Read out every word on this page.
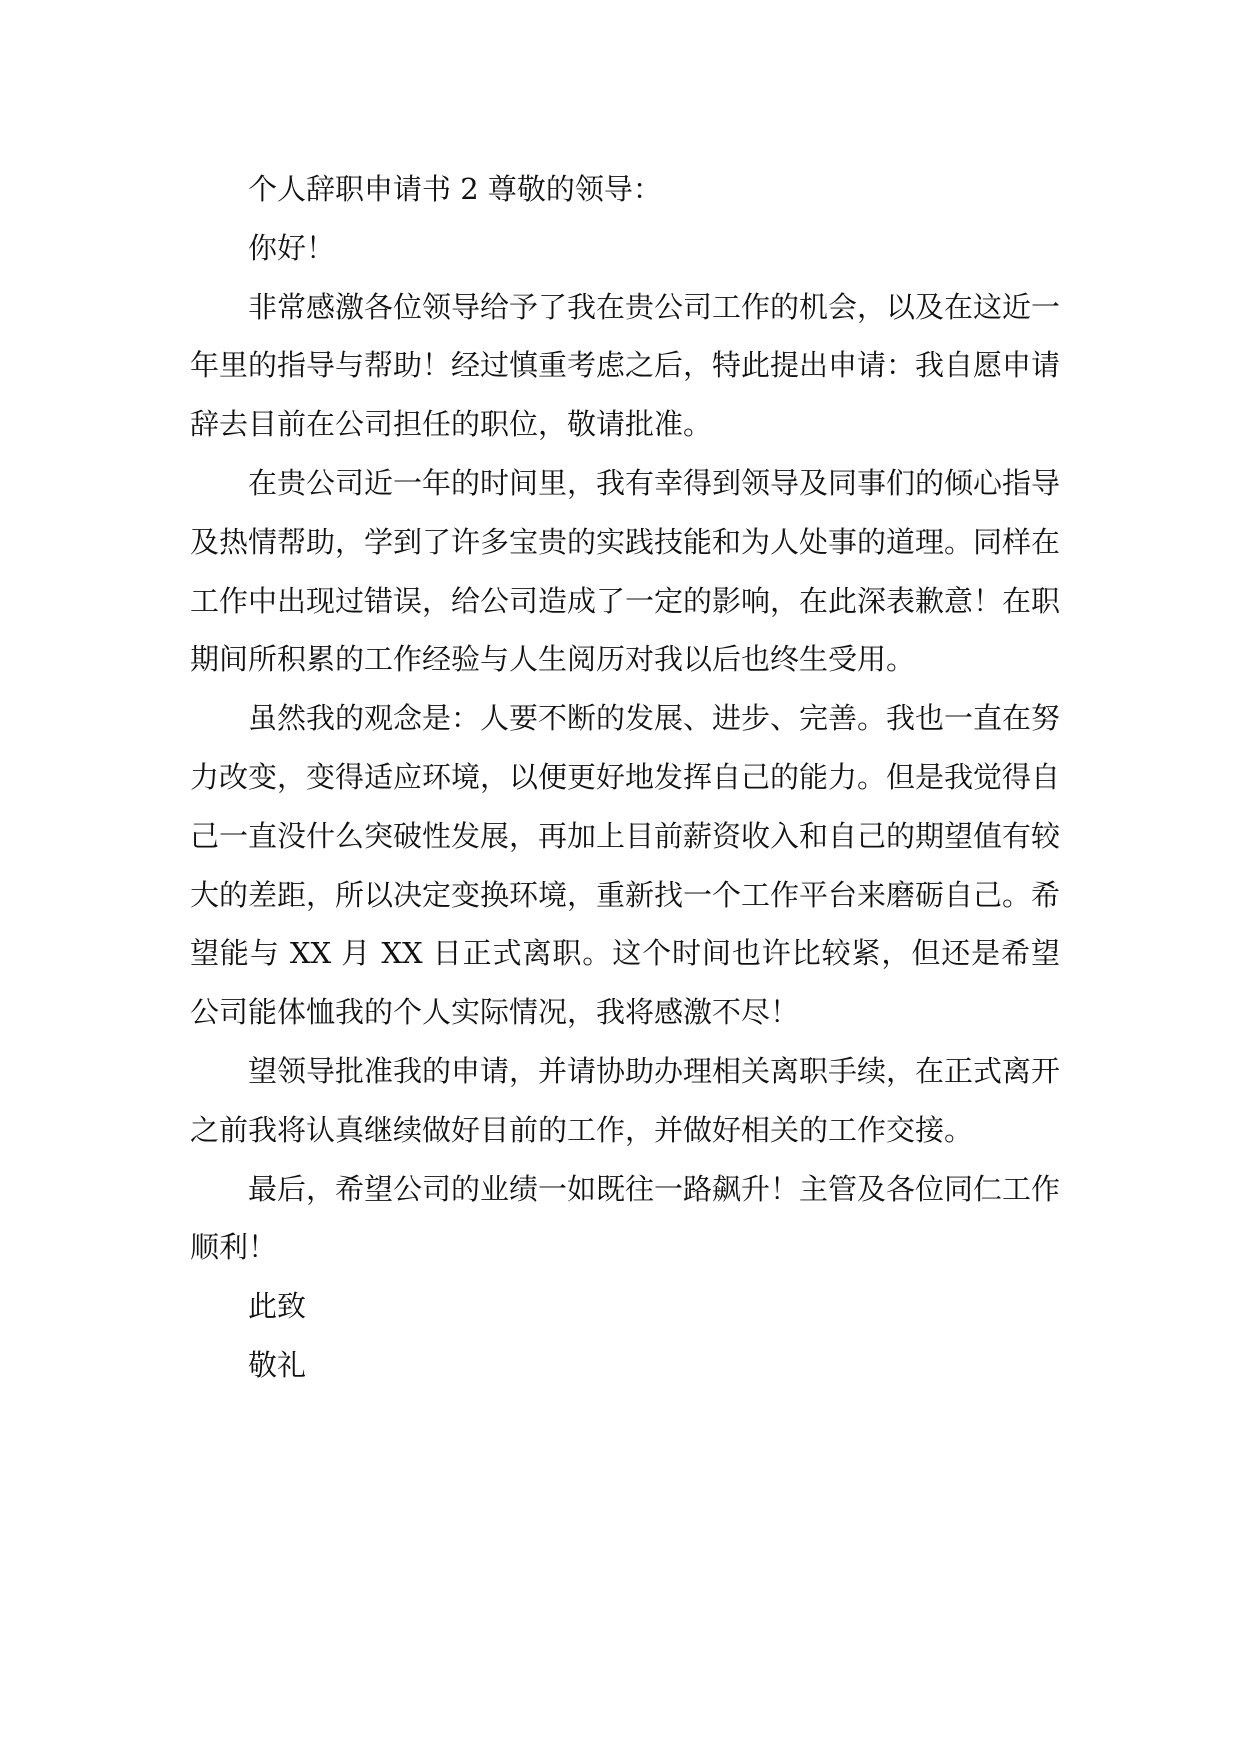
个人辞职申请书 2 尊敬的领导：

你好！

非常感激各位领导给予了我在贵公司工作的机会，以及在这近一年里的指导与帮助！经过慎重考虑之后，特此提出申请：我自愿申请辞去目前在公司担任的职位，敬请批准。

在贵公司近一年的时间里，我有幸得到领导及同事们的倾心指导及热情帮助，学到了许多宝贵的实践技能和为人处事的道理。同样在工作中出现过错误，给公司造成了一定的影响，在此深表歉意！在职期间所积累的工作经验与人生阅历对我以后也终生受用。

虽然我的观念是：人要不断的发展、进步、完善。我也一直在努力改变，变得适应环境，以便更好地发挥自己的能力。但是我觉得自己一直没什么突破性发展，再加上目前薪资收入和自己的期望值有较大的差距，所以决定变换环境，重新找一个工作平台来磨砺自己。希望能与 XX 月 XX 日正式离职。这个时间也许比较紧，但还是希望公司能体恤我的个人实际情况，我将感激不尽！

望领导批准我的申请，并请协助办理相关离职手续，在正式离开之前我将认真继续做好目前的工作，并做好相关的工作交接。

最后，希望公司的业绩一如既往一路飙升！主管及各位同仁工作顺利！

此致

敬礼
